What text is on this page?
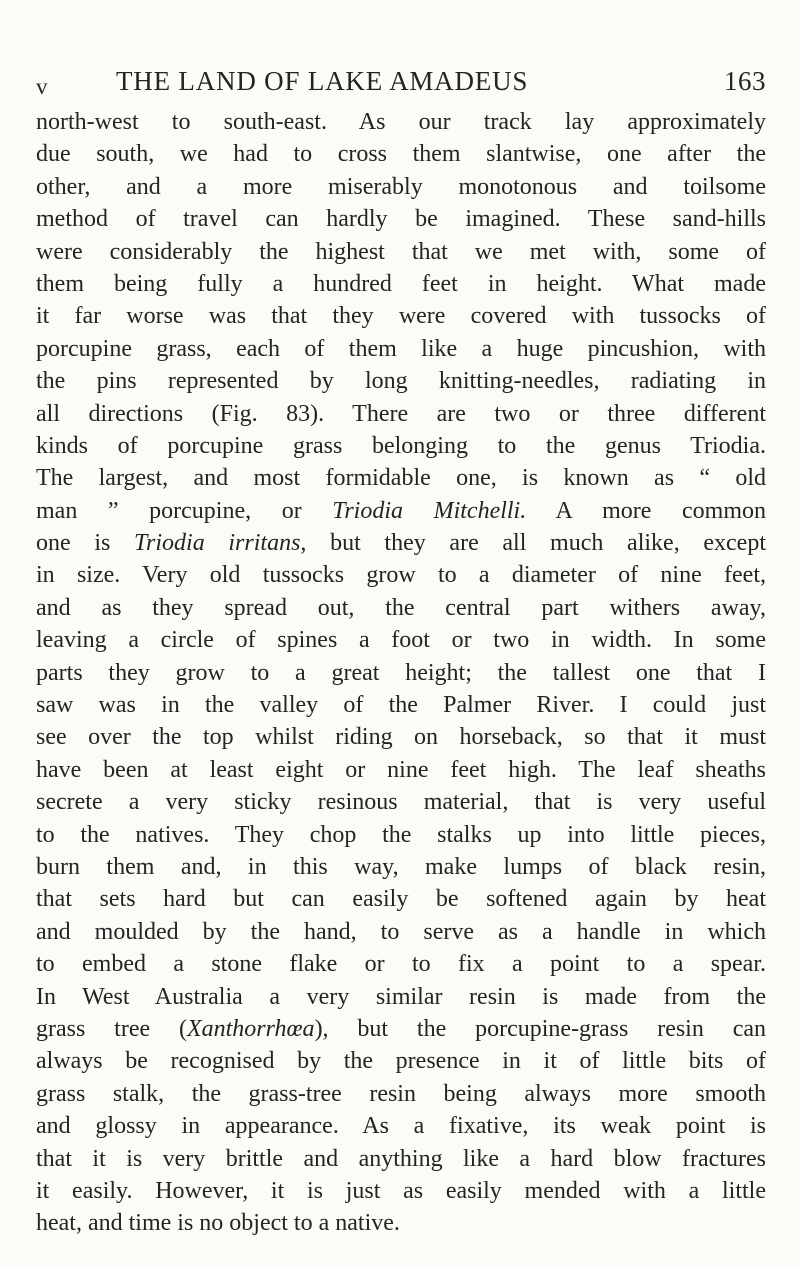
v	THE LAND OF LAKE AMADEUS	163
north-west to south-east. As our track lay approximately
due south, we had to cross them slantwise, one after the
other, and a more miserably monotonous and toilsome
method of travel can hardly be imagined. These sand-hills
were considerably the highest that we met with, some of
them being fully a hundred feet in height. What made
it far worse was that they were covered with tussocks of
porcupine grass, each of them like a huge pincushion, with
the pins represented by long knitting-needles, radiating in
all directions (Fig. 83). There are two or three different
kinds of porcupine grass belonging to the genus Triodia.
The largest, and most formidable one, is known as “ old
man ” porcupine, or Triodia Mitchelli. A more common
one is Triodia irritans, but they are all much alike, except
in size. Very old tussocks grow to a diameter of nine feet,
and as they spread out, the central part withers away,
leaving a circle of spines a foot or two in width. In some
parts they grow to a great height; the tallest one that I
saw was in the valley of the Palmer River. I could just
see over the top whilst riding on horseback, so that it must
have been at least eight or nine feet high. The leaf sheaths
secrete a very sticky resinous material, that is very useful
to the natives. They chop the stalks up into little pieces,
burn them and, in this way, make lumps of black resin,
that sets hard but can easily be softened again by heat
and moulded by the hand, to serve as a handle in which
to embed a stone flake or to fix a point to a spear.
In West Australia a very similar resin is made from the
grass tree (Xanthorrhœa), but the porcupine-grass resin can
always be recognised by the presence in it of little bits of
grass stalk, the grass-tree resin being always more smooth
and glossy in appearance. As a fixative, its weak point is
that it is very brittle and anything like a hard blow fractures
it easily. However, it is just as easily mended with a little
heat, and time is no object to a native.
